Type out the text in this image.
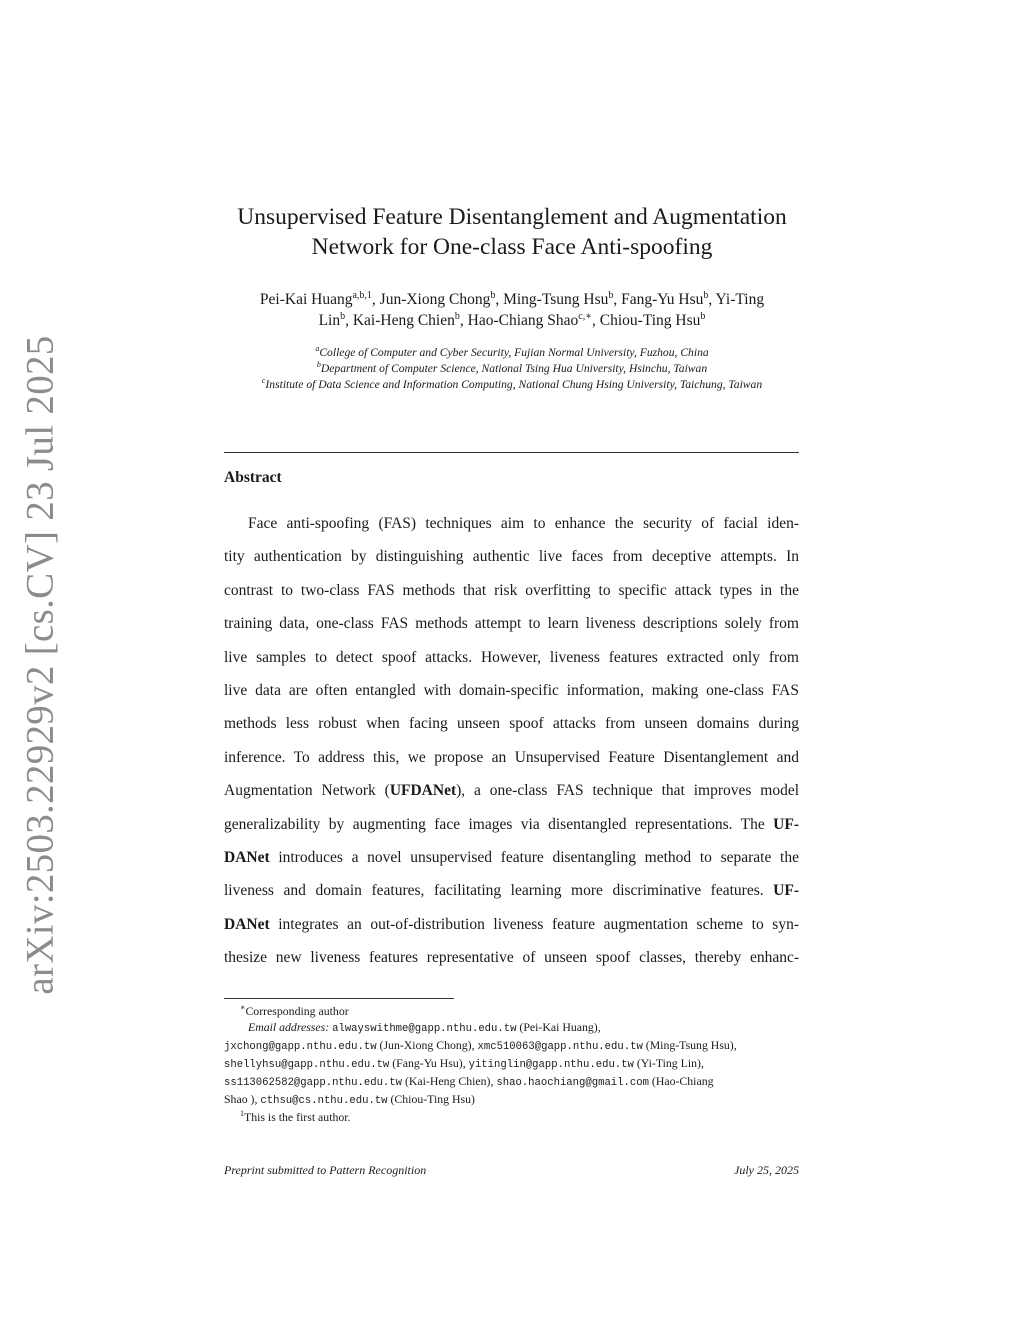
arXiv:2503.22929v2 [cs.CV] 23 Jul 2025
Unsupervised Feature Disentanglement and Augmentation
Network for One-class Face Anti-spoofing
Pei-Kai Huang$^{a,b,1}$, Jun-Xiong Chong$^b$, Ming-Tsung Hsu$^b$, Fang-Yu Hsu$^b$, Yi-Ting
Lin$^b$, Kai-Heng Chien$^b$, Hao-Chiang Shao$^{c,∗}$, Chiou-Ting Hsu$^b$
$^a$College of Computer and Cyber Security, Fujian Normal University, Fuzhou, China
$^b$Department of Computer Science, National Tsing Hua University, Hsinchu, Taiwan
$^c$Institute of Data Science and Information Computing, National Chung Hsing University, Taichung, Taiwan
Abstract
Face anti-spoofing (FAS) techniques aim to enhance the security of facial iden-
tity authentication by distinguishing authentic live faces from deceptive attempts. In
contrast to two-class FAS methods that risk overfitting to specific attack types in the
training data, one-class FAS methods attempt to learn liveness descriptions solely from
live samples to detect spoof attacks. However, liveness features extracted only from
live data are often entangled with domain-specific information, making one-class FAS
methods less robust when facing unseen spoof attacks from unseen domains during
inference. To address this, we propose an Unsupervised Feature Disentanglement and
Augmentation Network (UFDANet), a one-class FAS technique that improves model
generalizability by augmenting face images via disentangled representations. The UF-
DANet introduces a novel unsupervised feature disentangling method to separate the
liveness and domain features, facilitating learning more discriminative features. UF-
DANet integrates an out-of-distribution liveness feature augmentation scheme to syn-
thesize new liveness features representative of unseen spoof classes, thereby enhanc-
∗Corresponding author
Email addresses: alwayswithme@gapp.nthu.edu.tw (Pei-Kai Huang),
jxchong@gapp.nthu.edu.tw (Jun-Xiong Chong), xmc510063@gapp.nthu.edu.tw (Ming-Tsung Hsu),
shellyhsu@gapp.nthu.edu.tw (Fang-Yu Hsu), yitinglin@gapp.nthu.edu.tw (Yi-Ting Lin),
ss113062582@gapp.nthu.edu.tw (Kai-Heng Chien), shao.haochiang@gmail.com (Hao-Chiang
Shao ), cthsu@cs.nthu.edu.tw (Chiou-Ting Hsu)
$^1$This is the first author.
Preprint submitted to Pattern Recognition	July 25, 2025
